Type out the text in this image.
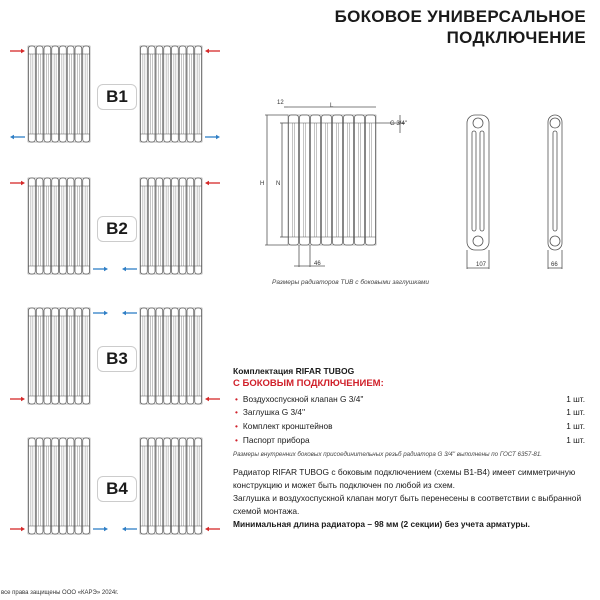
БОКОВОЕ УНИВЕРСАЛЬНОЕ
ПОДКЛЮЧЕНИЕ
B1
B2
B3
B4
12	L
G 3/4''
H N
46	107	66
Размеры радиаторов TUB с боковыми заглушками
Комплектация RIFAR TUBOG
С БОКОВЫМ ПОДКЛЮЧЕНИЕМ:
• Воздухоспускной клапан G 3/4''	1 шт.
• Заглушка G 3/4''	1 шт.
• Комплект кронштейнов	1 шт.
• Паспорт прибора	1 шт.
Размеры внутренних боковых присоединительных резьб радиатора G 3/4'' выполнены по ГОСТ 6357-81.

Радиатор RIFAR TUBOG с боковым подключением (схемы В1-В4) имеет симметричную конструкцию и может быть подключен по любой из схем.

Заглушка и воздухоспускной клапан могут быть перенесены в соответствии с выбранной схемой монтажа.

Минимальная длина радиатора – 98 мм (2 секции) без учета арматуры.

все права защищены ООО «КАРЭ» 2024г.
